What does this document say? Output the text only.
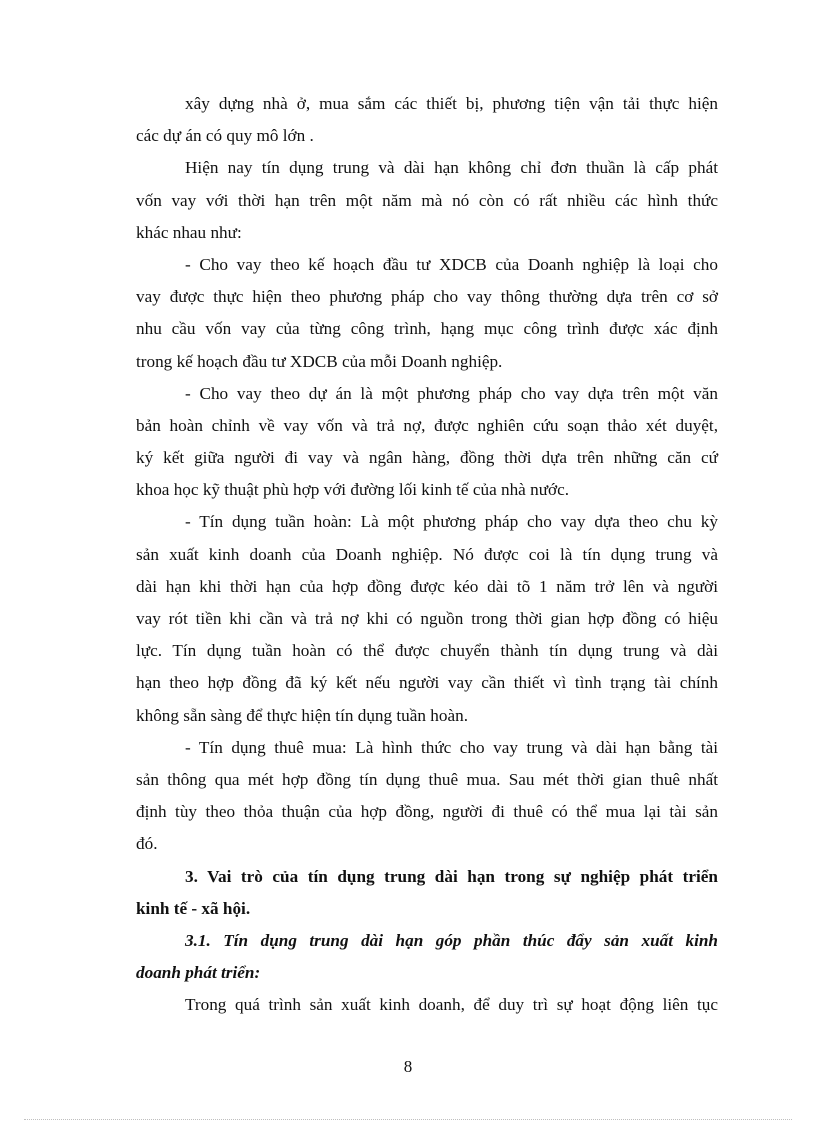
xây dựng nhà ở, mua sắm các thiết bị, phương tiện vận tải thực hiện
các dự án có quy mô lớn .
Hiện nay tín dụng trung và dài hạn không chỉ đơn thuần là cấp phát
vốn vay với thời hạn trên một năm mà nó còn có rất nhiều các hình thức
khác nhau như:
- Cho vay theo kế hoạch đầu tư XDCB của Doanh nghiệp là loại cho
vay được thực hiện theo phương pháp cho vay thông thường dựa trên cơ sở
nhu cầu vốn vay của từng công trình, hạng mục công trình được xác định
trong kế hoạch đầu tư XDCB của mỗi Doanh nghiệp.
- Cho vay theo dự án là một phương pháp cho vay dựa trên một văn
bản hoàn chỉnh về vay vốn và trả nợ, được nghiên cứu soạn thảo xét duyệt,
ký kết giữa người đi vay và ngân hàng, đồng thời dựa trên những căn cứ
khoa học kỹ thuật phù hợp với đường lối kinh tế của nhà nước.
- Tín dụng tuần hoàn: Là một phương pháp cho vay dựa theo chu kỳ
sản xuất kinh doanh của Doanh nghiệp. Nó được coi là tín dụng trung và
dài hạn khi thời hạn của hợp đồng được kéo dài tõ 1 năm trở lên và người
vay rót tiền khi cần và trả nợ khi có nguồn trong thời gian hợp đồng có hiệu
lực. Tín dụng tuần hoàn có thể được chuyển thành tín dụng trung và dài
hạn theo hợp đồng đã ký kết nếu người vay cần thiết vì tình trạng tài chính
không sẵn sàng để thực hiện tín dụng tuần hoàn.
- Tín dụng thuê mua: Là hình thức cho vay trung và dài hạn bằng tài
sản thông qua mét hợp đồng tín dụng thuê mua. Sau mét thời gian thuê nhất
định tùy theo thỏa thuận của hợp đồng, người đi thuê có thể mua lại tài sản
đó.
3. Vai trò của tín dụng trung dài hạn trong sự nghiệp phát triển
kinh tế - xã hội.
3.1. Tín dụng trung dài hạn góp phần thúc đẩy sản xuất kinh
doanh phát triển:
Trong quá trình sản xuất kinh doanh, để duy trì sự hoạt động liên tục
8
